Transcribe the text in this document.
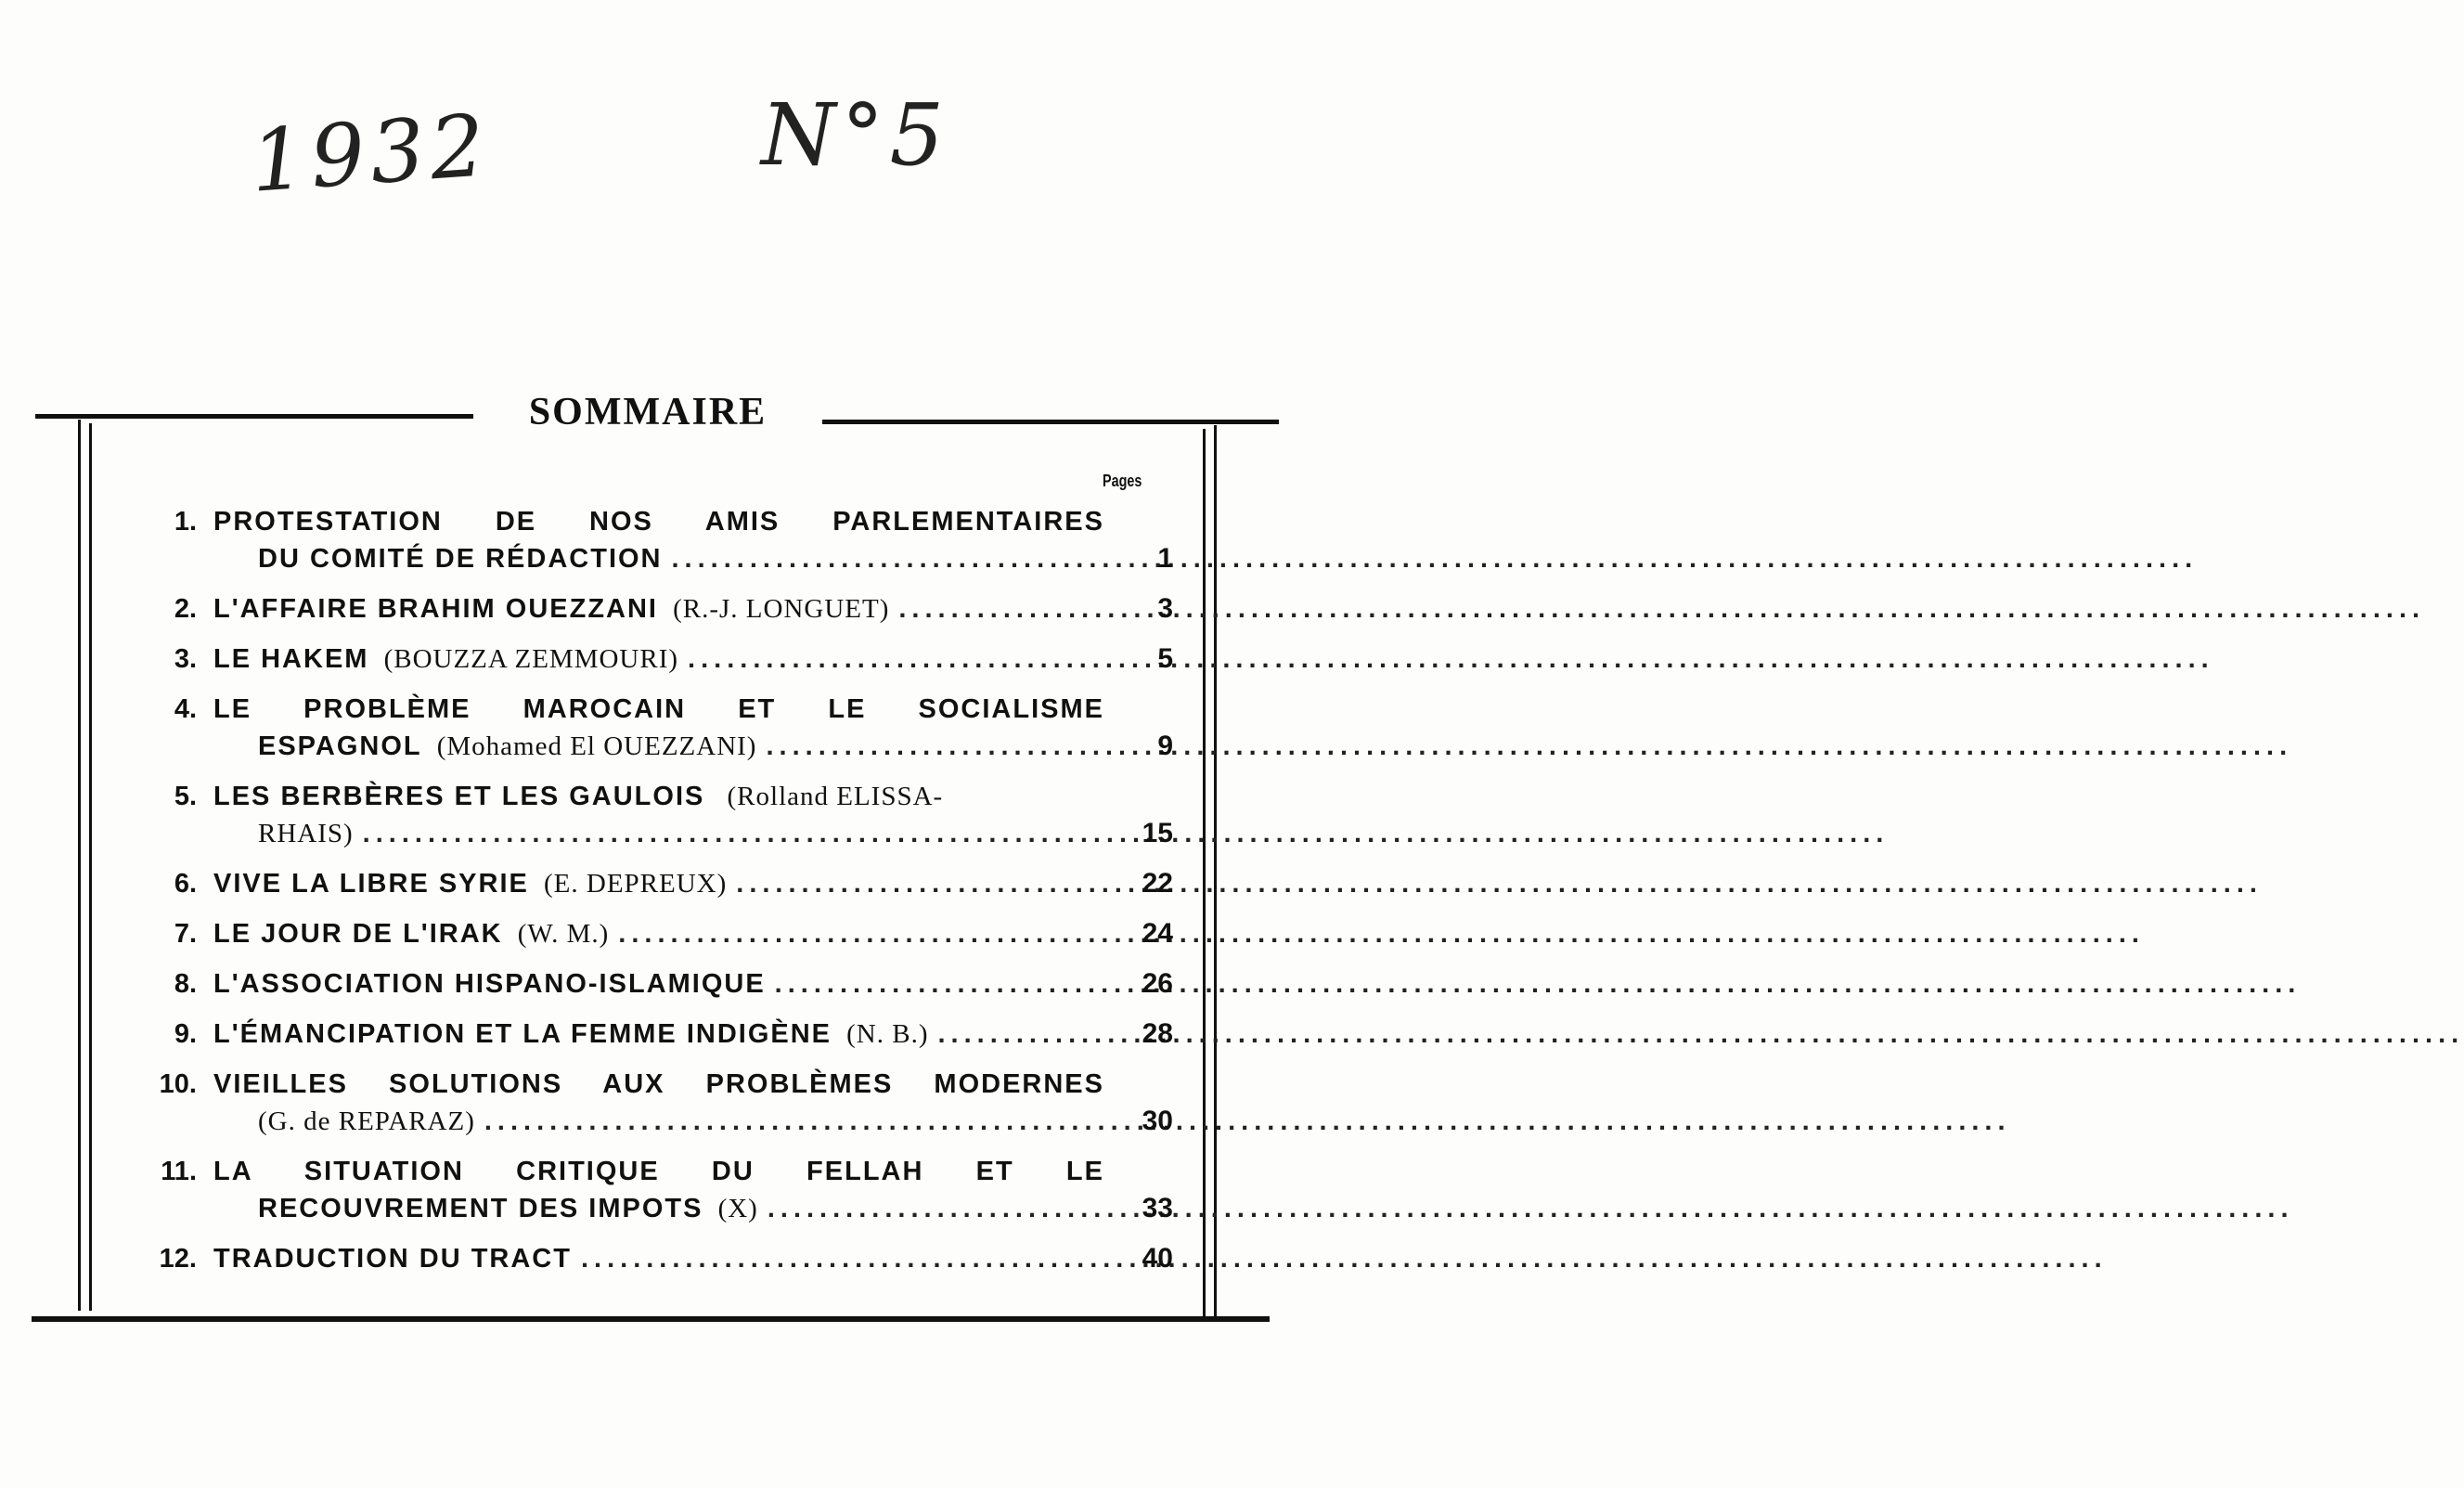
1932	N°5
SOMMAIRE
Pages
1. PROTESTATION DE NOS AMIS PARLEMENTAIRES
DU COMITÉ DE RÉDACTION .....	1
2. L'AFFAIRE BRAHIM OUEZZANI
(R.-J. LONGUET) .....	3
3. LE HAKEM
(BOUZZA ZEMMOURI) .....	5
4. LE PROBLÈME MAROCAIN ET LE SOCIALISME
ESPAGNOL
(Mohamed El OUEZZANI) .....	9
5. LES BERBÈRES ET LES GAULOIS (Rolland ELISSA-
RHAIS) .....	15
6. VIVE LA LIBRE SYRIE
(E. DEPREUX) .....	22
7. LE JOUR DE L'IRAK
(W. M.) .....	24
8. L'ASSOCIATION HISPANO-ISLAMIQUE .....	26
9. L'ÉMANCIPATION ET LA FEMME INDIGÈNE
(N. B.) .....	28
10. VIEILLES SOLUTIONS AUX PROBLÈMES MODERNES
(G. de REPARAZ) .....	30
11. LA SITUATION CRITIQUE DU FELLAH ET LE
RECOUVREMENT DES IMPOTS
(X) .....	33
12. TRADUCTION DU TRACT .....	40
